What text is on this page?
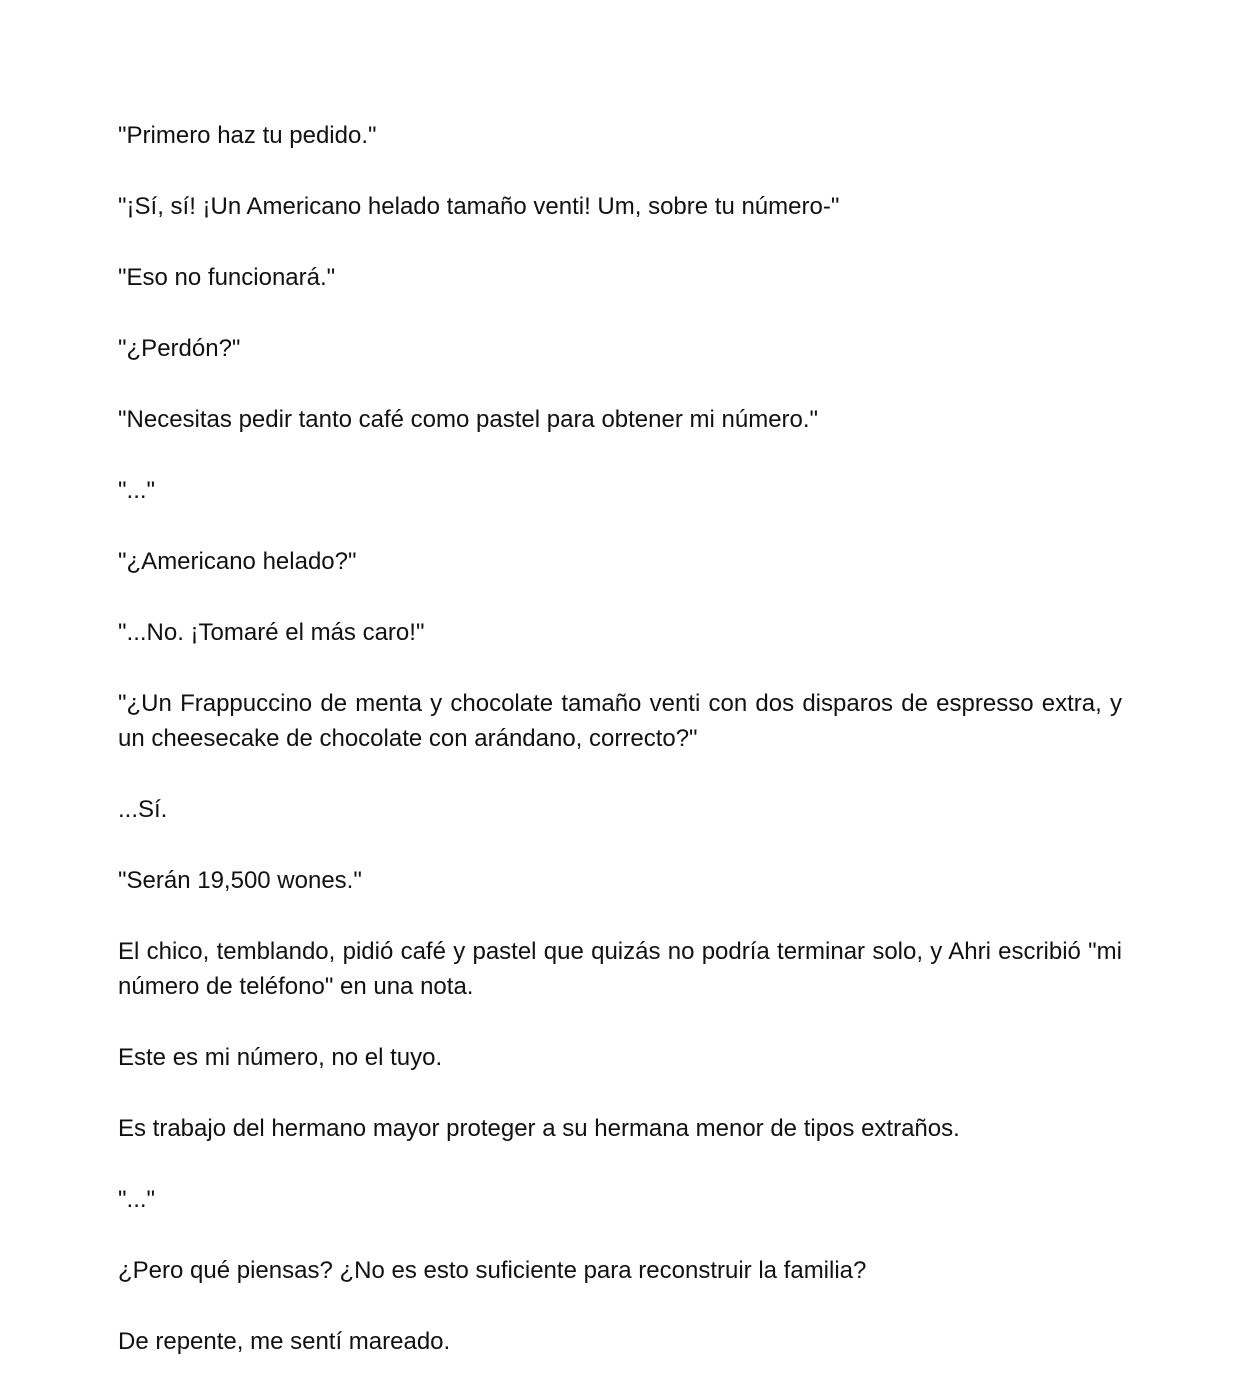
"Primero haz tu pedido."

"¡Sí, sí! ¡Un Americano helado tamaño venti! Um, sobre tu número-"

"Eso no funcionará."

"¿Perdón?"

"Necesitas pedir tanto café como pastel para obtener mi número."

"..."

"¿Americano helado?"

"...No. ¡Tomaré el más caro!"

"¿Un Frappuccino de menta y chocolate tamaño venti con dos disparos de espresso extra, y un cheesecake de chocolate con arándano, correcto?"

...Sí.

"Serán 19,500 wones."

El chico, temblando, pidió café y pastel que quizás no podría terminar solo, y Ahri escribió "mi número de teléfono" en una nota.

Este es mi número, no el tuyo.

Es trabajo del hermano mayor proteger a su hermana menor de tipos extraños.

"..."

¿Pero qué piensas? ¿No es esto suficiente para reconstruir la familia?

De repente, me sentí mareado.
